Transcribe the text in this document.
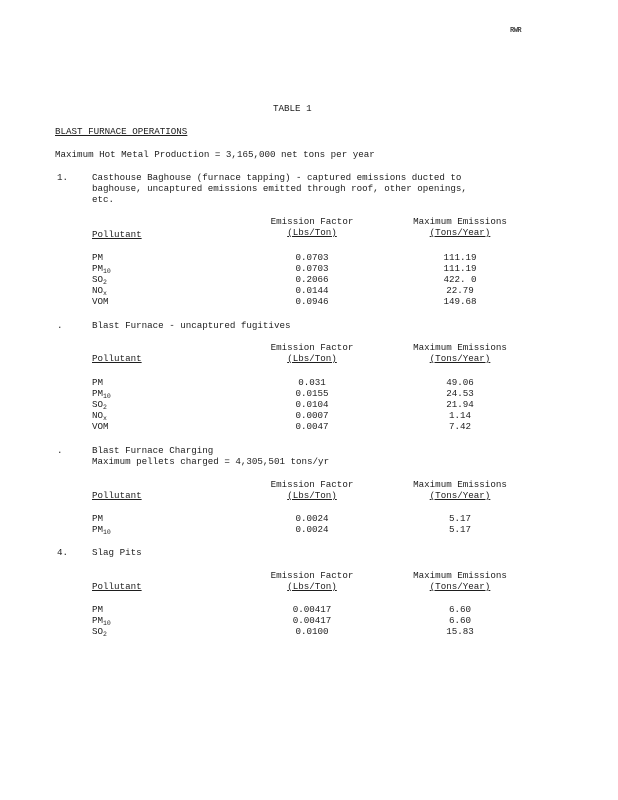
RWR
TABLE 1
BLAST FURNACE OPERATIONS
Maximum Hot Metal Production = 3,165,000 net tons per year
1.	Casthouse Baghouse (furnace tapping) - captured emissions ducted to
baghouse, uncaptured emissions emitted through roof, other openings,
etc.
Emission Factor
(Lbs/Ton)
Maximum Emissions
(Tons/Year)
Pollutant
PM	0.0703	111.19
$PM_{10}$	0.0703	111.19
$SO_2$	0.2066	422. 0
$NO_x$	0.0144	22.79
VOM	0.0946	149.68
.	Blast Furnace - uncaptured fugitives
Emission Factor
(Lbs/Ton)
Maximum Emissions
(Tons/Year)
Pollutant
PM	0.031	49.06
$PM_{10}$	0.0155	24.53
$SO_2$	0.0104	21.94
$NO_x$	0.0007	1.14
VOM	0.0047	7.42
.	Blast Furnace Charging
Maximum pellets charged = 4,305,501 tons/yr
Emission Factor
(Lbs/Ton)
Maximum Emissions
(Tons/Year)
Pollutant
PM	0.0024	5.17
$PM_{10}$	0.0024	5.17
4.	Slag Pits
Emission Factor
(Lbs/Ton)
Maximum Emissions
(Tons/Year)
Pollutant
PM	0.00417	6.60
$PM_{10}$	0.00417	6.60
$SO_2$	0.0100	15.83
